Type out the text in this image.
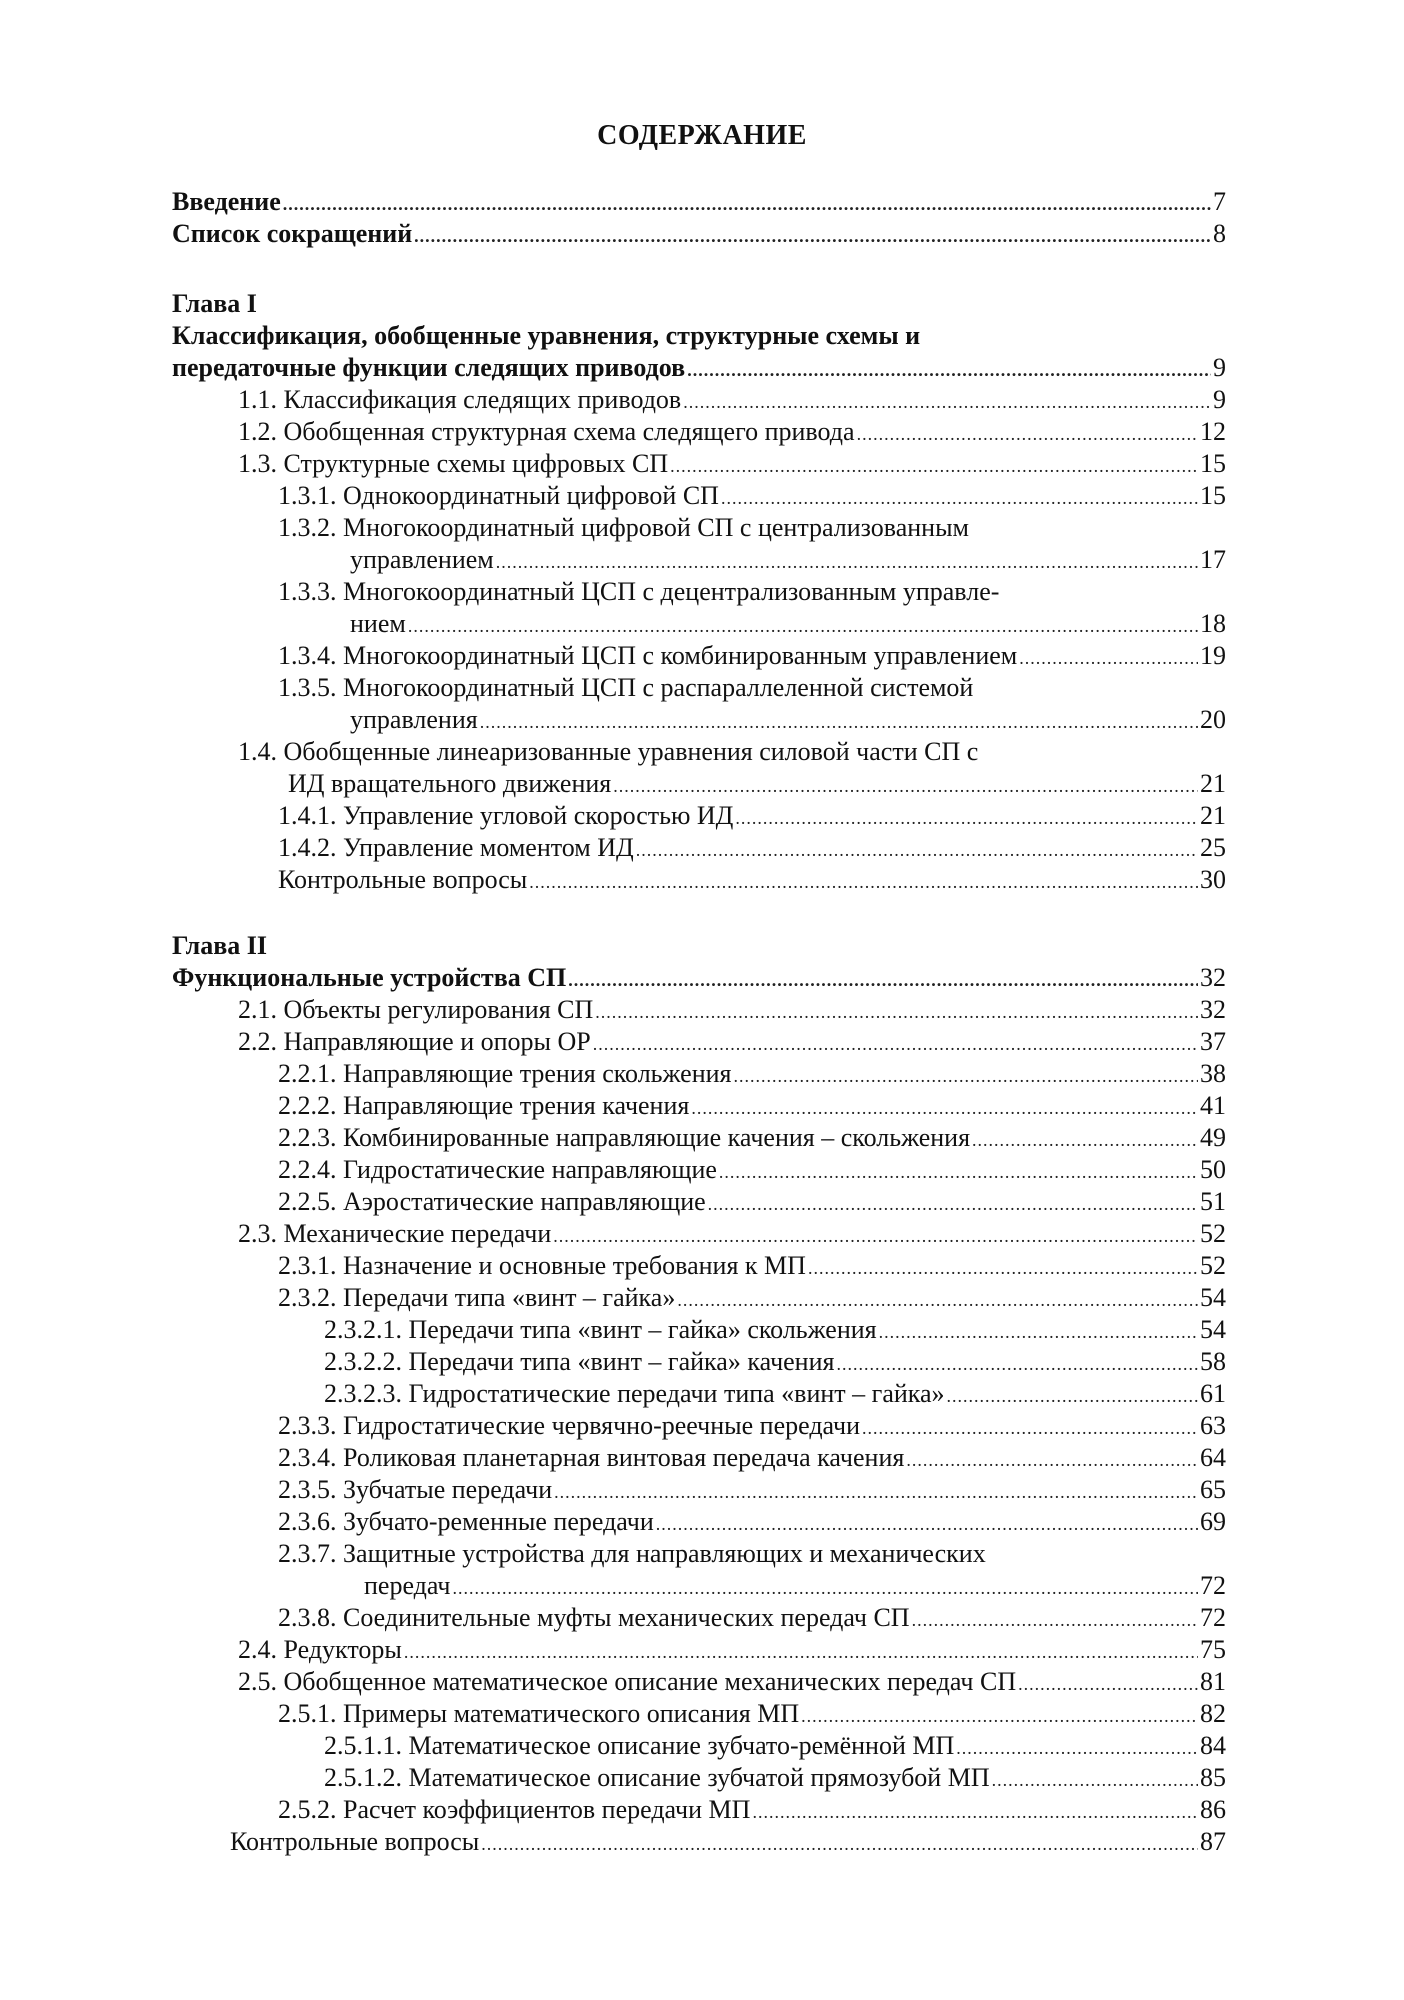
СОДЕРЖАНИЕ
Введение .....	7
Список сокращений .....	8
Глава I
Классификация, обобщенные уравнения, структурные схемы и
передаточные функции следящих приводов .....	9
1.1. Классификация следящих приводов .....	9
1.2. Обобщенная структурная схема следящего привода .....	12
1.3. Структурные схемы цифровых СП .....	15
1.3.1. Однокоординатный цифровой СП .....	15
1.3.2. Многокоординатный цифровой СП с централизованным
управлением .....	17
1.3.3. Многокоординатный ЦСП с децентрализованным управле-
нием .....	18
1.3.4. Многокоординатный ЦСП с комбинированным управлением .....	19
1.3.5. Многокоординатный ЦСП с распараллеленной системой
управления .....	20
1.4. Обобщенные линеаризованные уравнения силовой части СП с
ИД вращательного движения .....	21
1.4.1. Управление угловой скоростью ИД .....	21
1.4.2. Управление моментом ИД .....	25
Контрольные вопросы .....	30
Глава II
Функциональные устройства СП .....	32
2.1. Объекты регулирования СП .....	32
2.2. Направляющие и опоры ОР .....	37
2.2.1. Направляющие трения скольжения .....	38
2.2.2. Направляющие трения качения .....	41
2.2.3. Комбинированные направляющие качения – скольжения .....	49
2.2.4. Гидростатические направляющие .....	50
2.2.5. Аэростатические направляющие .....	51
2.3. Механические передачи .....	52
2.3.1. Назначение и основные требования к МП .....	52
2.3.2. Передачи типа «винт – гайка» .....	54
2.3.2.1. Передачи типа «винт – гайка» скольжения .....	54
2.3.2.2. Передачи типа «винт – гайка» качения .....	58
2.3.2.3. Гидростатические передачи типа «винт – гайка» .....	61
2.3.3. Гидростатические червячно-реечные передачи .....	63
2.3.4. Роликовая планетарная винтовая передача качения .....	64
2.3.5. Зубчатые передачи .....	65
2.3.6. Зубчато-ременные передачи .....	69
2.3.7. Защитные устройства для направляющих и механических
передач .....	72
2.3.8. Соединительные муфты механических передач СП .....	72
2.4. Редукторы .....	75
2.5. Обобщенное математическое описание механических передач СП .....	81
2.5.1. Примеры математического описания МП .....	82
2.5.1.1. Математическое описание зубчато-ремённой МП .....	84
2.5.1.2. Математическое описание зубчатой прямозубой МП .....	85
2.5.2. Расчет коэффициентов передачи МП .....	86
Контрольные вопросы .....	87
